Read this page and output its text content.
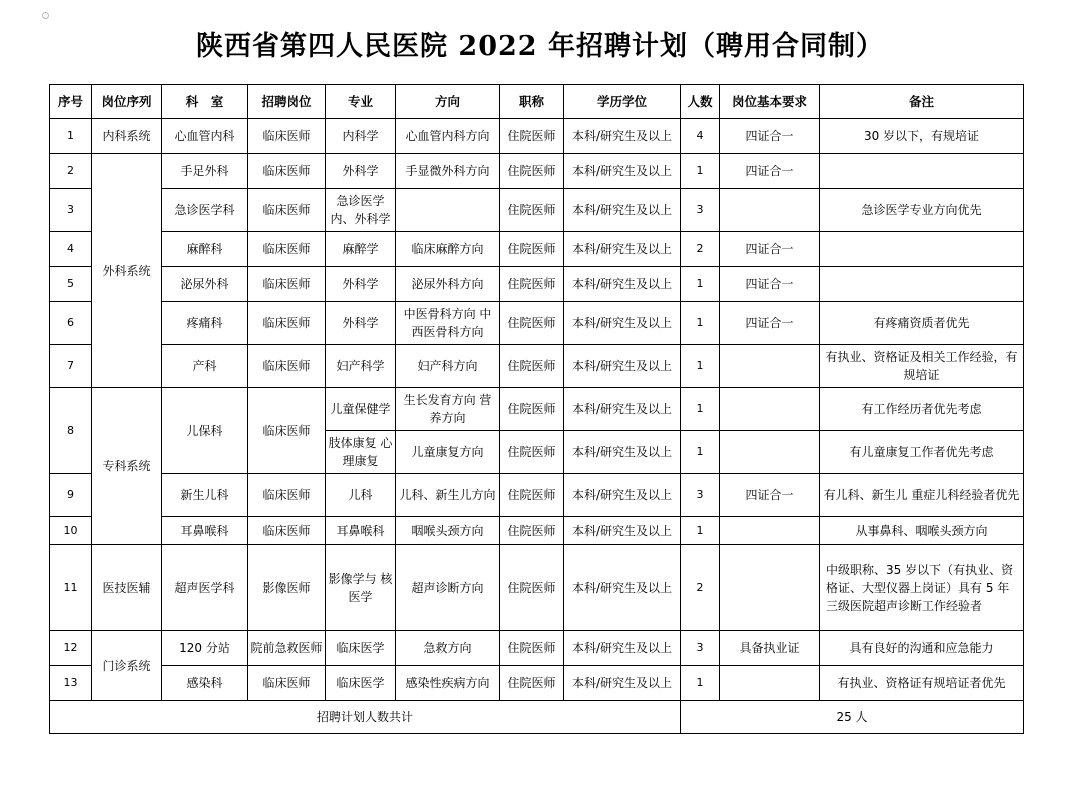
陕西省第四人民医院 2022 年招聘计划（聘用合同制）
序号	岗位序列	科　室	招聘岗位	专业	方向	职称	学历学位	人数	岗位基本要求	备注
1	内科系统	心血管内科	临床医师	内科学	心血管内科方向	住院医师	本科/研究生及以上	4	四证合一	30 岁以下，有规培证
2	外科系统	手足外科	临床医师	外科学	手显微外科方向	住院医师	本科/研究生及以上	1	四证合一	
3		急诊医学科	临床医师	急诊医学 内、外科学		住院医师	本科/研究生及以上	3		急诊医学专业方向优先
4		麻醉科	临床医师	麻醉学	临床麻醉方向	住院医师	本科/研究生及以上	2	四证合一	
5		泌尿外科	临床医师	外科学	泌尿外科方向	住院医师	本科/研究生及以上	1	四证合一	
6		疼痛科	临床医师	外科学	中医骨科方向 中西医骨科方向	住院医师	本科/研究生及以上	1	四证合一	有疼痛资质者优先
7		产科	临床医师	妇产科学	妇产科方向	住院医师	本科/研究生及以上	1		有执业、资格证及相关工作经验，有规培证
8	专科系统	儿保科	临床医师	儿童保健学	生长发育方向 营养方向	住院医师	本科/研究生及以上	1		有工作经历者优先考虑
				肢体康复 心理康复	儿童康复方向	住院医师	本科/研究生及以上	1		有儿童康复工作者优先考虑
9		新生儿科	临床医师	儿科	儿科、新生儿方向	住院医师	本科/研究生及以上	3	四证合一	有儿科、新生儿 重症儿科经验者优先
10		耳鼻喉科	临床医师	耳鼻喉科	咽喉头颈方向	住院医师	本科/研究生及以上	1		从事鼻科、咽喉头颈方向
11	医技医辅	超声医学科	影像医师	影像学与 核医学	超声诊断方向	住院医师	本科/研究生及以上	2		中级职称、35 岁以下（有执业、资格证、大型仪器上岗证）具有 5 年三级医院超声诊断工作经验者
12	门诊系统	120 分站	院前急救医师	临床医学	急救方向	住院医师	本科/研究生及以上	3	具备执业证	具有良好的沟通和应急能力
13		感染科	临床医师	临床医学	感染性疾病方向	住院医师	本科/研究生及以上	1		有执业、资格证有规培证者优先
招聘计划人数共计								25 人		
